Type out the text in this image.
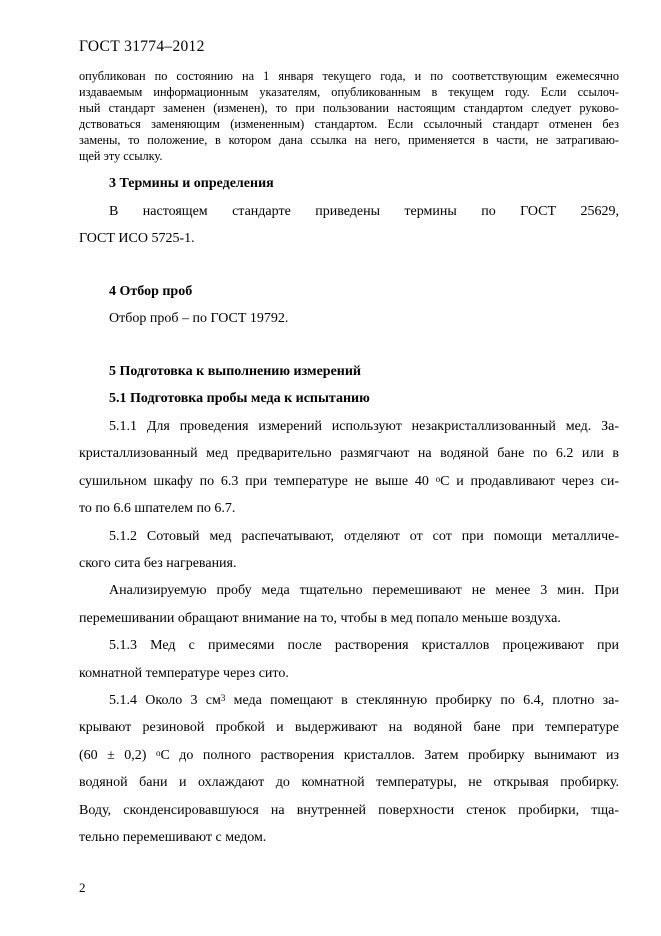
ГОСТ 31774–2012
опубликован по состоянию на 1 января текущего года, и по соответствующим ежемесячно
издаваемым информационным указателям, опубликованным в текущем году. Если ссылоч-
ный стандарт заменен (изменен), то при пользовании настоящим стандартом следует руково-
дствоваться заменяющим (измененным) стандартом. Если ссылочный стандарт отменен без
замены, то положение, в котором дана ссылка на него, применяется в части, не затрагиваю-
щей эту ссылку.
3 Термины и определения
В настоящем стандарте приведены термины по ГОСТ 25629,
ГОСТ ИСО 5725-1.
4 Отбор проб
Отбор проб – по ГОСТ 19792.
5 Подготовка к выполнению измерений
5.1 Подготовка пробы меда к испытанию
5.1.1 Для проведения измерений используют незакристаллизованный мед. За-
кристаллизованный мед предварительно размягчают на водяной бане по 6.2 или в
сушильном шкафу по 6.3 при температуре не выше 40 $^о$С и продавливают через си-
то по 6.6 шпателем по 6.7.
5.1.2 Сотовый мед распечатывают, отделяют от сот при помощи металличе-
ского сита без нагревания.
Анализируемую пробу меда тщательно перемешивают не менее 3 мин. При
перемешивании обращают внимание на то, чтобы в мед попало меньше воздуха.
5.1.3 Мед с примесями после растворения кристаллов процеживают при
комнатной температуре через сито.
5.1.4 Около 3 $см^3$ меда помещают в стеклянную пробирку по 6.4, плотно за-
крывают резиновой пробкой и выдерживают на водяной бане при температуре
(60 ± 0,2) $^о$С до полного растворения кристаллов. Затем пробирку вынимают из
водяной бани и охлаждают до комнатной температуры, не открывая пробирку.
Воду, сконденсировавшуюся на внутренней поверхности стенок пробирки, тща-
тельно перемешивают с медом.
2
